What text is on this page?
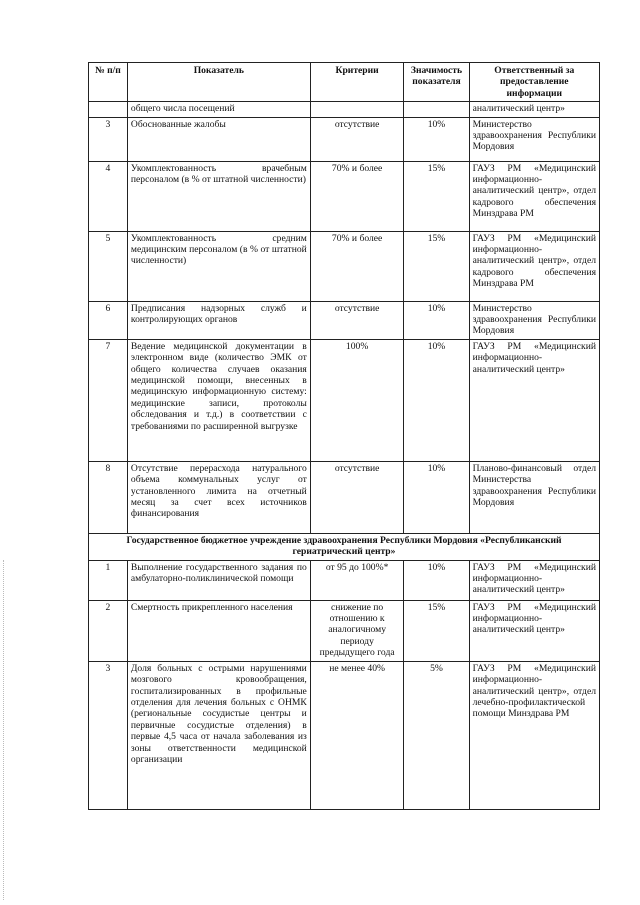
№ п/п	Показатель	Критерии	Значимость показателя	Ответственный за предоставление информации
	общего числа посещений			аналитический центр»
3	Обоснованные жалобы	отсутствие	10%	Министерство здравоохранения Республики Мордовия
4	Укомплектованность врачебным персоналом (в % от штатной численности)	70% и более	15%	ГАУЗ РМ «Медицинский информационно-аналитический центр», отдел кадрового обеспечения Минздрава РМ
5	Укомплектованность средним медицинским персоналом (в % от штатной численности)	70% и более	15%	ГАУЗ РМ «Медицинский информационно-аналитический центр», отдел кадрового обеспечения Минздрава РМ
6	Предписания надзорных служб и контролирующих органов	отсутствие	10%	Министерство здравоохранения Республики Мордовия
7	Ведение медицинской документации в электронном виде (количество ЭМК от общего количества случаев оказания медицинской помощи, внесенных в медицинскую информационную систему: медицинские записи, протоколы обследования и т.д.) в соответствии с требованиями по расширенной выгрузке	100%	10%	ГАУЗ РМ «Медицинский информационно-аналитический центр»
8	Отсутствие перерасхода натурального объема коммунальных услуг от установленного лимита на отчетный месяц за счет всех источников финансирования	отсутствие	10%	Планово-финансовый отдел Министерства здравоохранения Республики Мордовия
Государственное бюджетное учреждение здравоохранения Республики Мордовия «Республиканский гериатрический центр»				
1	Выполнение государственного задания по амбулаторно-поликлинической помощи	от 95 до 100%*	10%	ГАУЗ РМ «Медицинский информационно-аналитический центр»
2	Смертность прикрепленного населения	снижение по отношению к аналогичному периоду предыдущего года	15%	ГАУЗ РМ «Медицинский информационно-аналитический центр»
3	Доля больных с острыми нарушениями мозгового кровообращения, госпитализированных в профильные отделения для лечения больных с ОНМК (региональные сосудистые центры и первичные сосудистые отделения) в первые 4,5 часа от начала заболевания из зоны ответственности медицинской организации	не менее 40%	5%	ГАУЗ РМ «Медицинский информационно-аналитический центр», отдел лечебно-профилактической помощи Минздрава РМ
